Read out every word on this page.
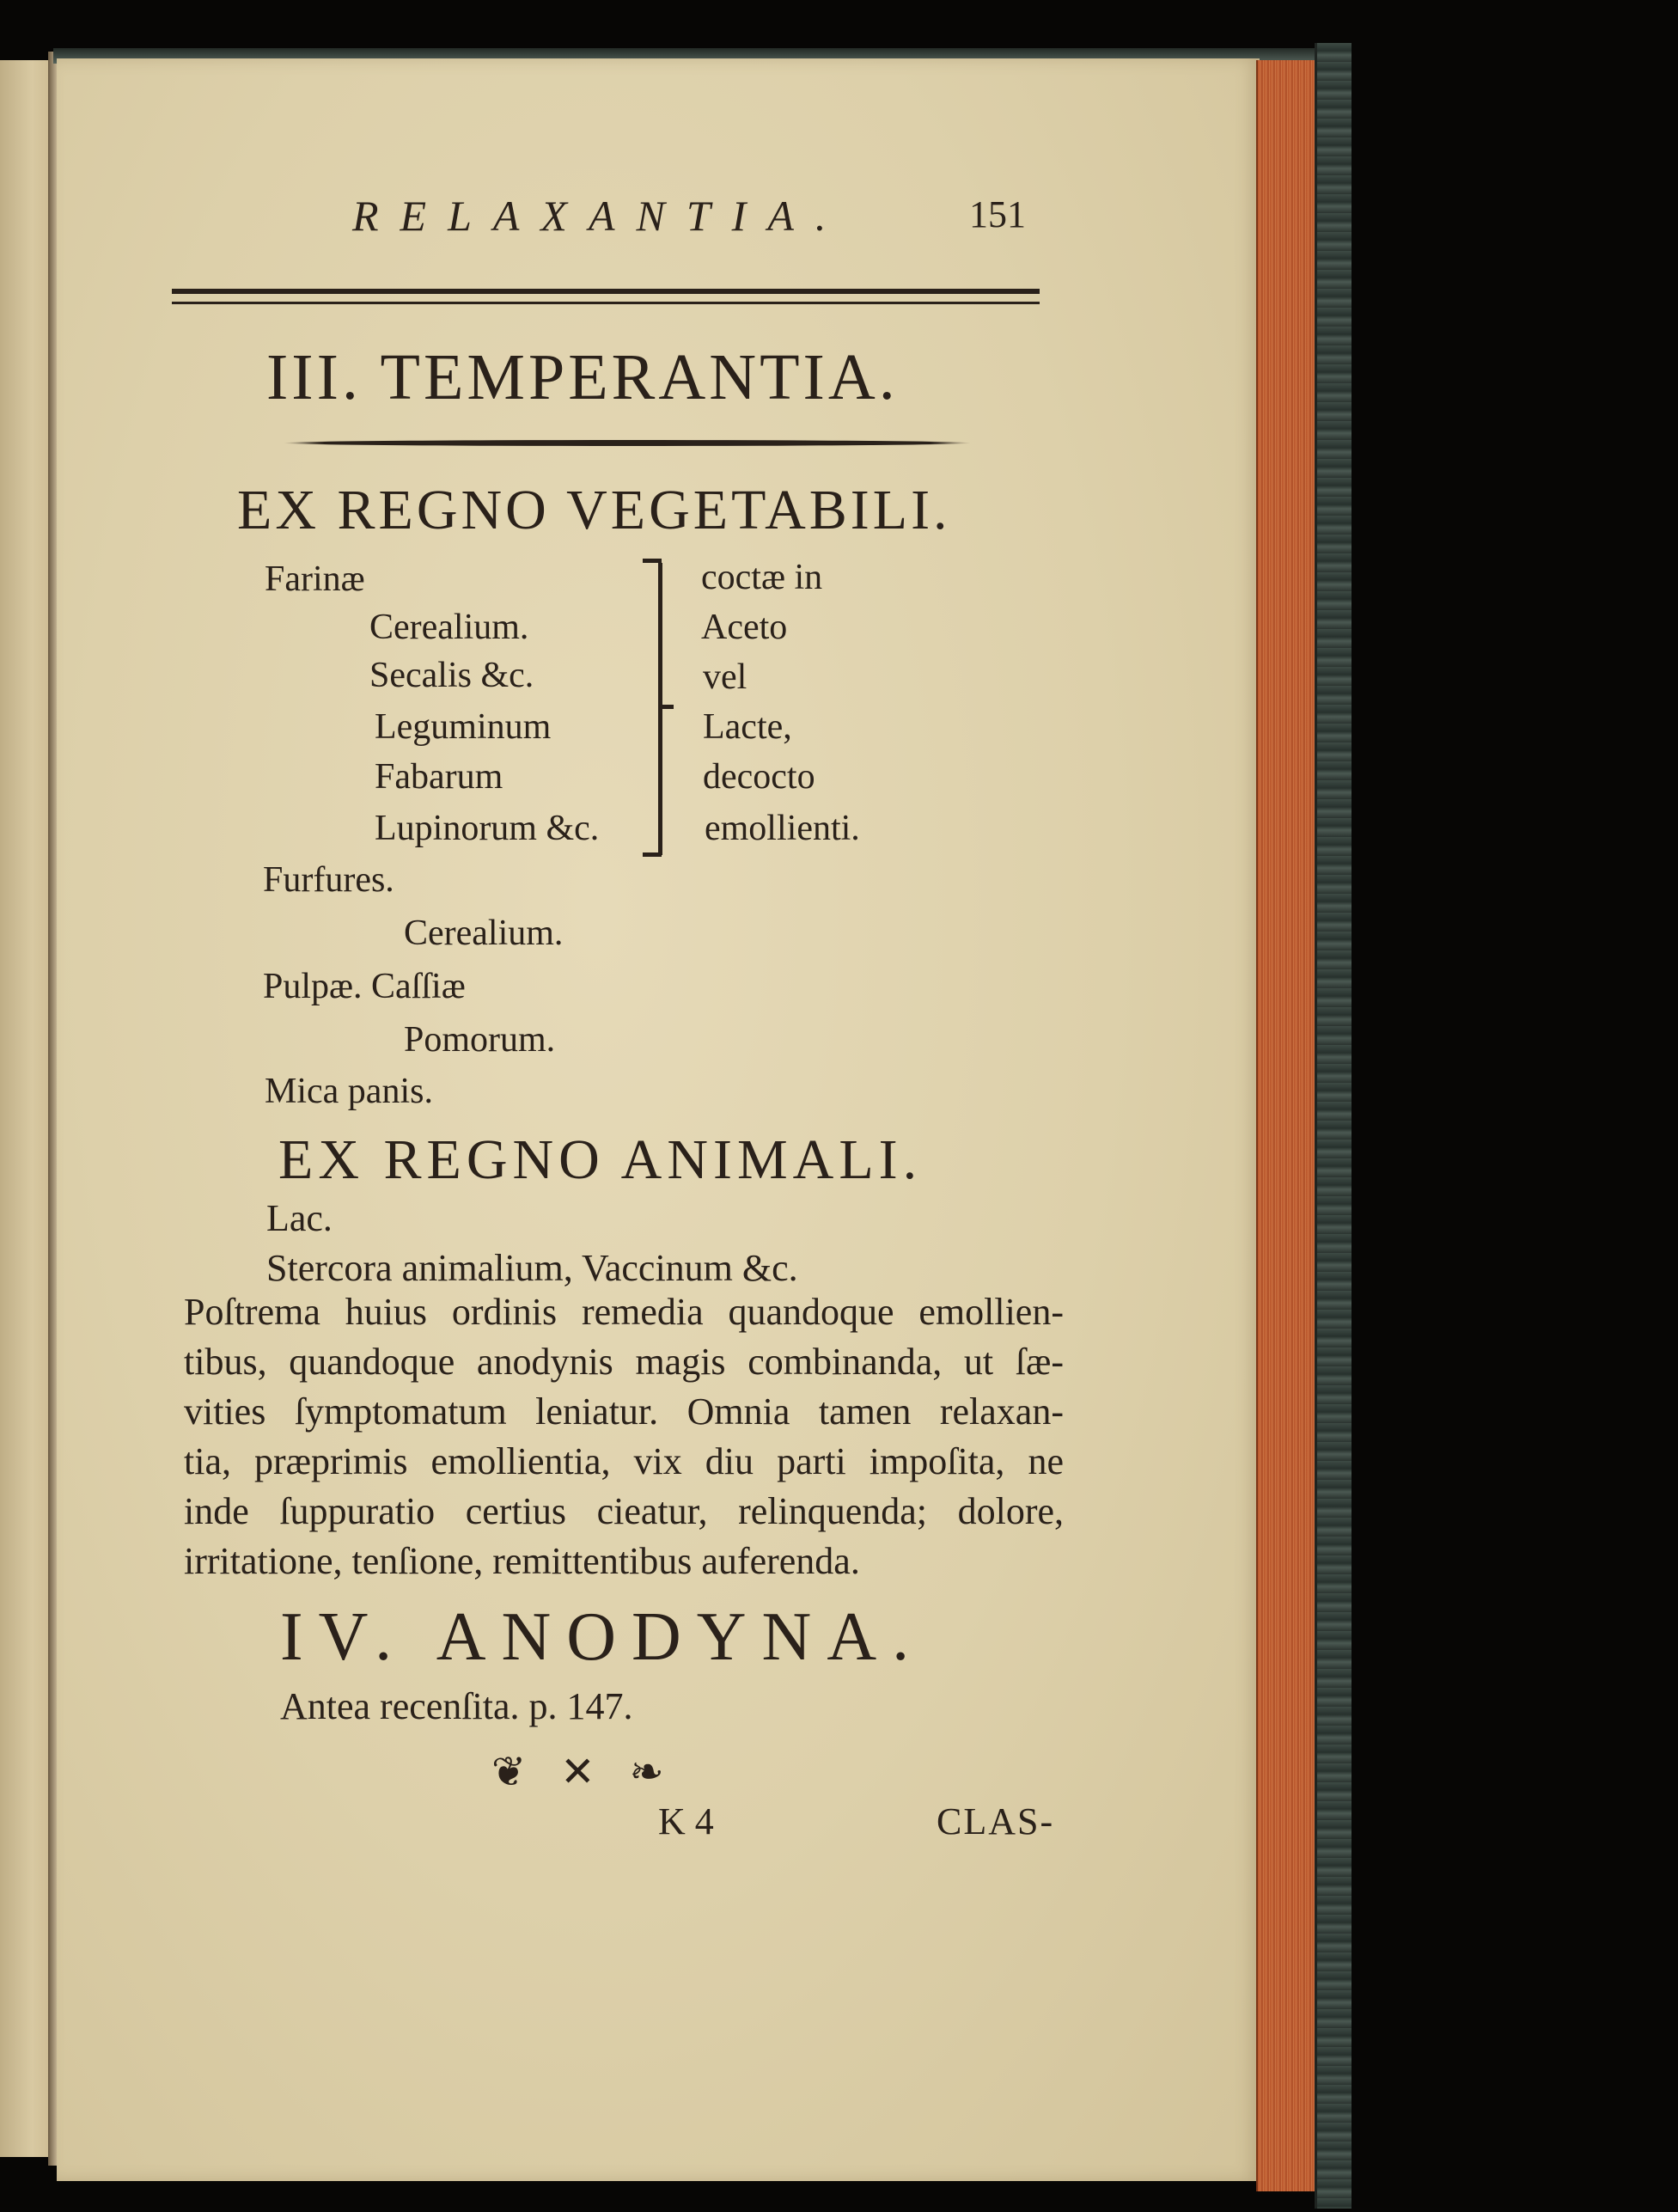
RELAXANTIA.	151
III. TEMPERANTIA.
EX REGNO VEGETABILI.
Farinæ
Cerealium.
Secalis &c.
Leguminum
Fabarum
Lupinorum &c.
Furfures.
Cerealium.
Pulpæ. Caſſiæ
Pomorum.
Mica panis.
coctæ in
Aceto
vel
Lacte,
decocto
emollienti.
EX REGNO ANIMALI.
Lac.
Stercora animalium, Vaccinum &c.
Poſtrema huius ordinis remedia quandoque emollien-
tibus, quandoque anodynis magis combinanda, ut ſæ-
vities ſymptomatum leniatur. Omnia tamen relaxan-
tia, præprimis emollientia, vix diu parti impoſita, ne
inde ſuppuratio certius cieatur, relinquenda; dolore,
irritatione, tenſione, remittentibus auferenda.
IV. ANODYNA.
Antea recenſita. p. 147.
❦ ✕ ❧
K 4	CLAS-
